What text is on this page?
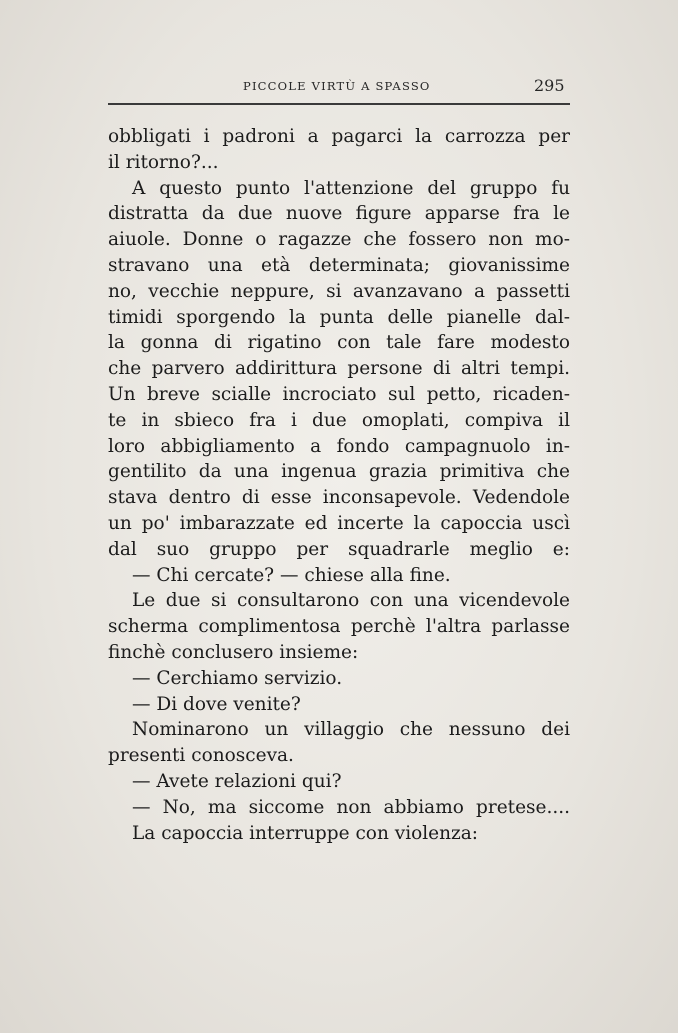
PICCOLE VIRTÙ A SPASSO	295
obbligati i padroni a pagarci la carrozza per
il ritorno?...
A questo punto l'attenzione del gruppo fu
distratta da due nuove figure apparse fra le
aiuole. Donne o ragazze che fossero non mo-
stravano una età determinata; giovanissime
no, vecchie neppure, si avanzavano a passetti
timidi sporgendo la punta delle pianelle dal-
la gonna di rigatino con tale fare modesto
che parvero addirittura persone di altri tempi.
Un breve scialle incrociato sul petto, ricaden-
te in sbieco fra i due omoplati, compiva il
loro abbigliamento a fondo campagnuolo in-
gentilito da una ingenua grazia primitiva che
stava dentro di esse inconsapevole. Vedendole
un po' imbarazzate ed incerte la capoccia uscì
dal suo gruppo per squadrarle meglio e:
— Chi cercate? — chiese alla fine.
Le due si consultarono con una vicendevole
scherma complimentosa perchè l'altra parlasse
finchè conclusero insieme:
— Cerchiamo servizio.
— Di dove venite?
Nominarono un villaggio che nessuno dei
presenti conosceva.
— Avete relazioni qui?
— No, ma siccome non abbiamo pretese....
La capoccia interruppe con violenza:
